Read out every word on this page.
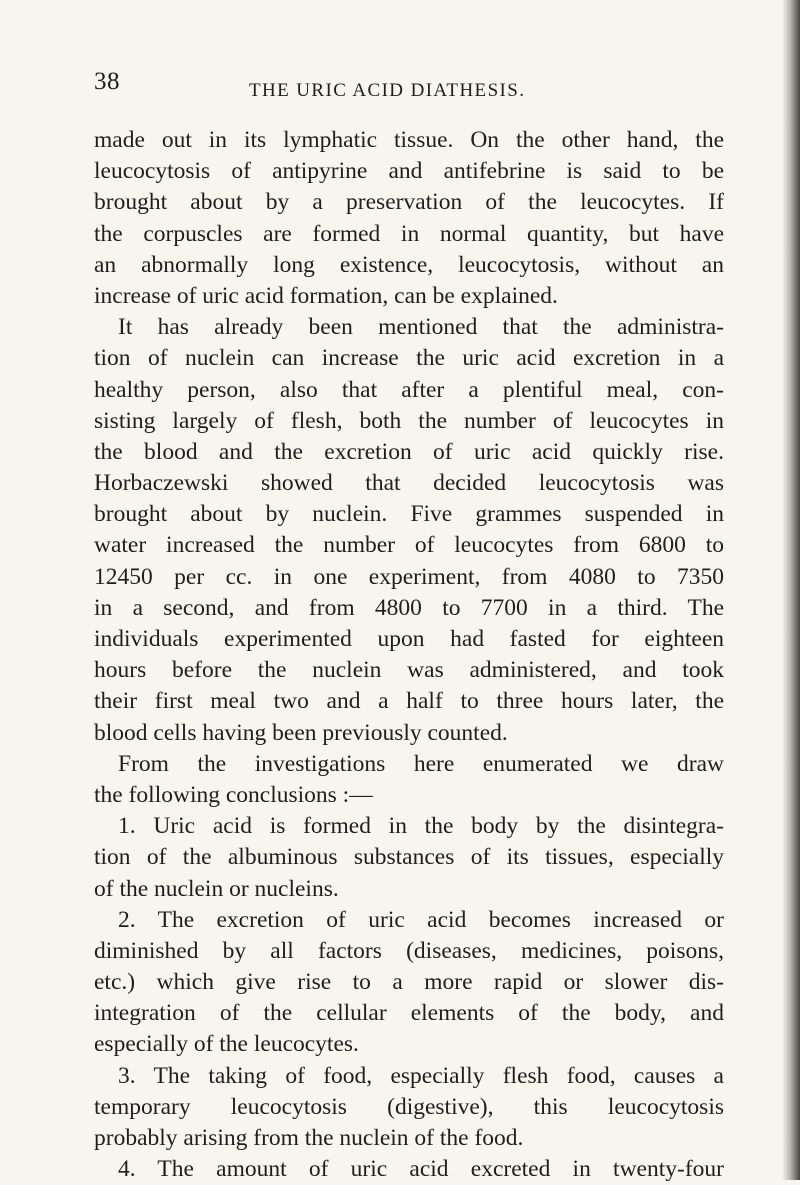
38	THE URIC ACID DIATHESIS.
made out in its lymphatic tissue. On the other hand, the
leucocytosis of antipyrine and antifebrine is said to be
brought about by a preservation of the leucocytes. If
the corpuscles are formed in normal quantity, but have
an abnormally long existence, leucocytosis, without an
increase of uric acid formation, can be explained.
It has already been mentioned that the administra-
tion of nuclein can increase the uric acid excretion in a
healthy person, also that after a plentiful meal, con-
sisting largely of flesh, both the number of leucocytes in
the blood and the excretion of uric acid quickly rise.
Horbaczewski showed that decided leucocytosis was
brought about by nuclein. Five grammes suspended in
water increased the number of leucocytes from 6800 to
12450 per cc. in one experiment, from 4080 to 7350
in a second, and from 4800 to 7700 in a third. The
individuals experimented upon had fasted for eighteen
hours before the nuclein was administered, and took
their first meal two and a half to three hours later, the
blood cells having been previously counted.
From the investigations here enumerated we draw
the following conclusions :—
1. Uric acid is formed in the body by the disintegra-
tion of the albuminous substances of its tissues, especially
of the nuclein or nucleins.
2. The excretion of uric acid becomes increased or
diminished by all factors (diseases, medicines, poisons,
etc.) which give rise to a more rapid or slower dis-
integration of the cellular elements of the body, and
especially of the leucocytes.
3. The taking of food, especially flesh food, causes a
temporary leucocytosis (digestive), this leucocytosis
probably arising from the nuclein of the food.
4. The amount of uric acid excreted in twenty-four
